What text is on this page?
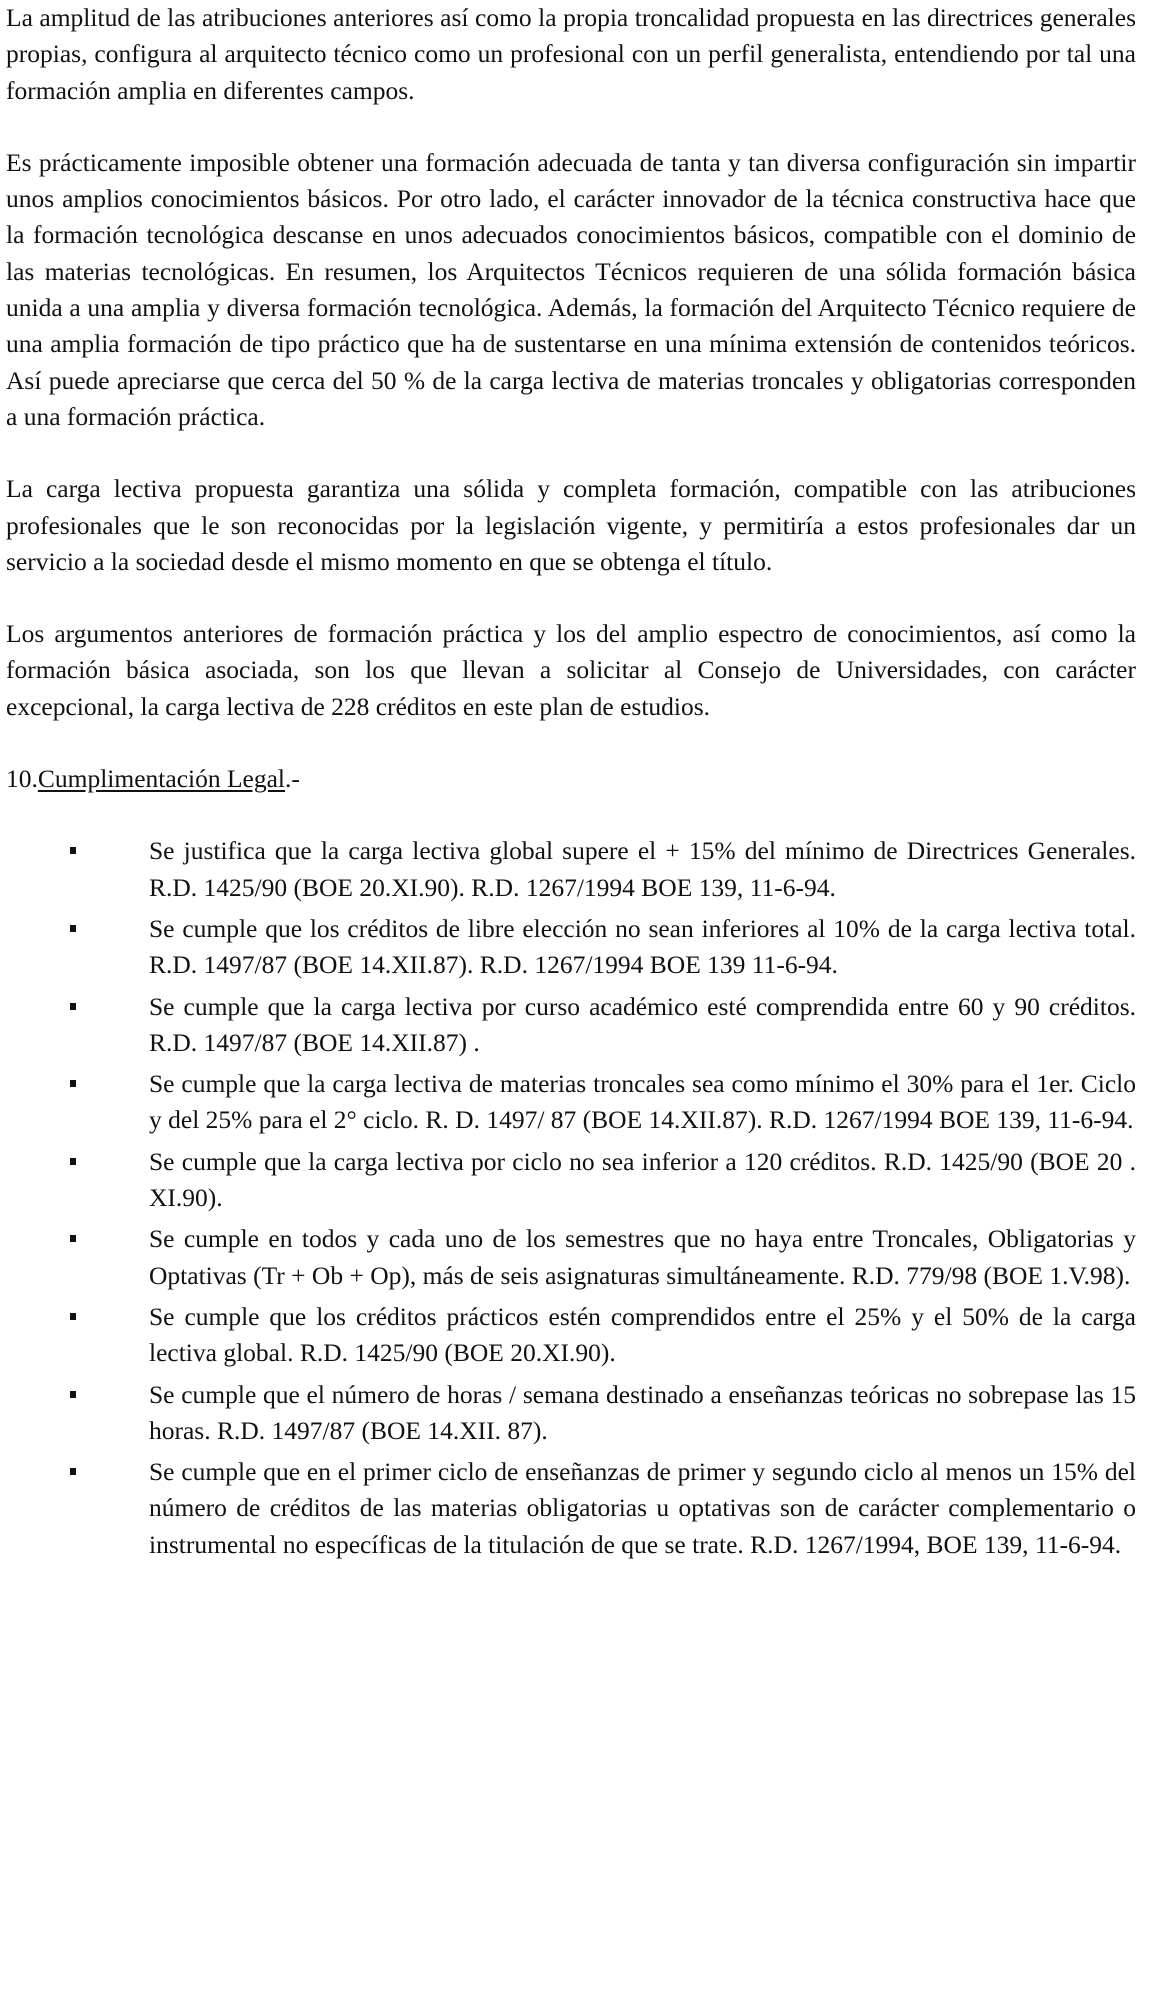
La amplitud de las atribuciones anteriores así como la propia troncalidad propuesta en las directrices generales propias, configura al arquitecto técnico como un profesional con un perfil generalista, entendiendo por tal una formación amplia en diferentes campos.

Es prácticamente imposible obtener una formación adecuada de tanta y tan diversa configuración sin impartir unos amplios conocimientos básicos. Por otro lado, el carácter innovador de la técnica constructiva hace que la formación tecnológica descanse en unos adecuados conocimientos básicos, compatible con el dominio de las materias tecnológicas. En resumen, los Arquitectos Técnicos requieren de una sólida formación básica unida a una amplia y diversa formación tecnológica. Además, la formación del Arquitecto Técnico requiere de una amplia formación de tipo práctico que ha de sustentarse en una mínima extensión de contenidos teóricos. Así puede apreciarse que cerca del 50 % de la carga lectiva de materias troncales y obligatorias corresponden a una formación práctica.

La carga lectiva propuesta garantiza una sólida y completa formación, compatible con las atribuciones profesionales que le son reconocidas por la legislación vigente, y permitiría a estos profesionales dar un servicio a la sociedad desde el mismo momento en que se obtenga el título.

Los argumentos anteriores de formación práctica y los del amplio espectro de conocimientos, así como la formación básica asociada, son los que llevan a solicitar al Consejo de Universidades, con carácter excepcional, la carga lectiva de 228 créditos en este plan de estudios.

10.Cumplimentación Legal.-

Se justifica que la carga lectiva global supere el + 15% del mínimo de Directrices Generales. R.D. 1425/90 (BOE 20.XI.90). R.D. 1267/1994 BOE 139, 11-6-94.
Se cumple que los créditos de libre elección no sean inferiores al 10% de la carga lectiva total. R.D. 1497/87 (BOE 14.XII.87). R.D. 1267/1994 BOE 139 11-6-94.
Se cumple que la carga lectiva por curso académico esté comprendida entre 60 y 90 créditos. R.D. 1497/87 (BOE 14.XII.87) .
Se cumple que la carga lectiva de materias troncales sea como mínimo el 30% para el 1er. Ciclo y del 25% para el 2° ciclo. R. D. 1497/ 87 (BOE 14.XII.87). R.D. 1267/1994 BOE 139, 11-6-94.
Se cumple que la carga lectiva por ciclo no sea inferior a 120 créditos. R.D. 1425/90 (BOE 20 . XI.90).
Se cumple en todos y cada uno de los semestres que no haya entre Troncales, Obligatorias y Optativas (Tr + Ob + Op), más de seis asignaturas simultáneamente. R.D. 779/98 (BOE 1.V.98).
Se cumple que los créditos prácticos estén comprendidos entre el 25% y el 50% de la carga lectiva global. R.D. 1425/90 (BOE 20.XI.90).
Se cumple que el número de horas / semana destinado a enseñanzas teóricas no sobrepase las 15 horas. R.D. 1497/87 (BOE 14.XII. 87).
Se cumple que en el primer ciclo de enseñanzas de primer y segundo ciclo al menos un 15% del número de créditos de las materias obligatorias u optativas son de carácter complementario o instrumental no específicas de la titulación de que se trate. R.D. 1267/1994, BOE 139, 11-6-94.
